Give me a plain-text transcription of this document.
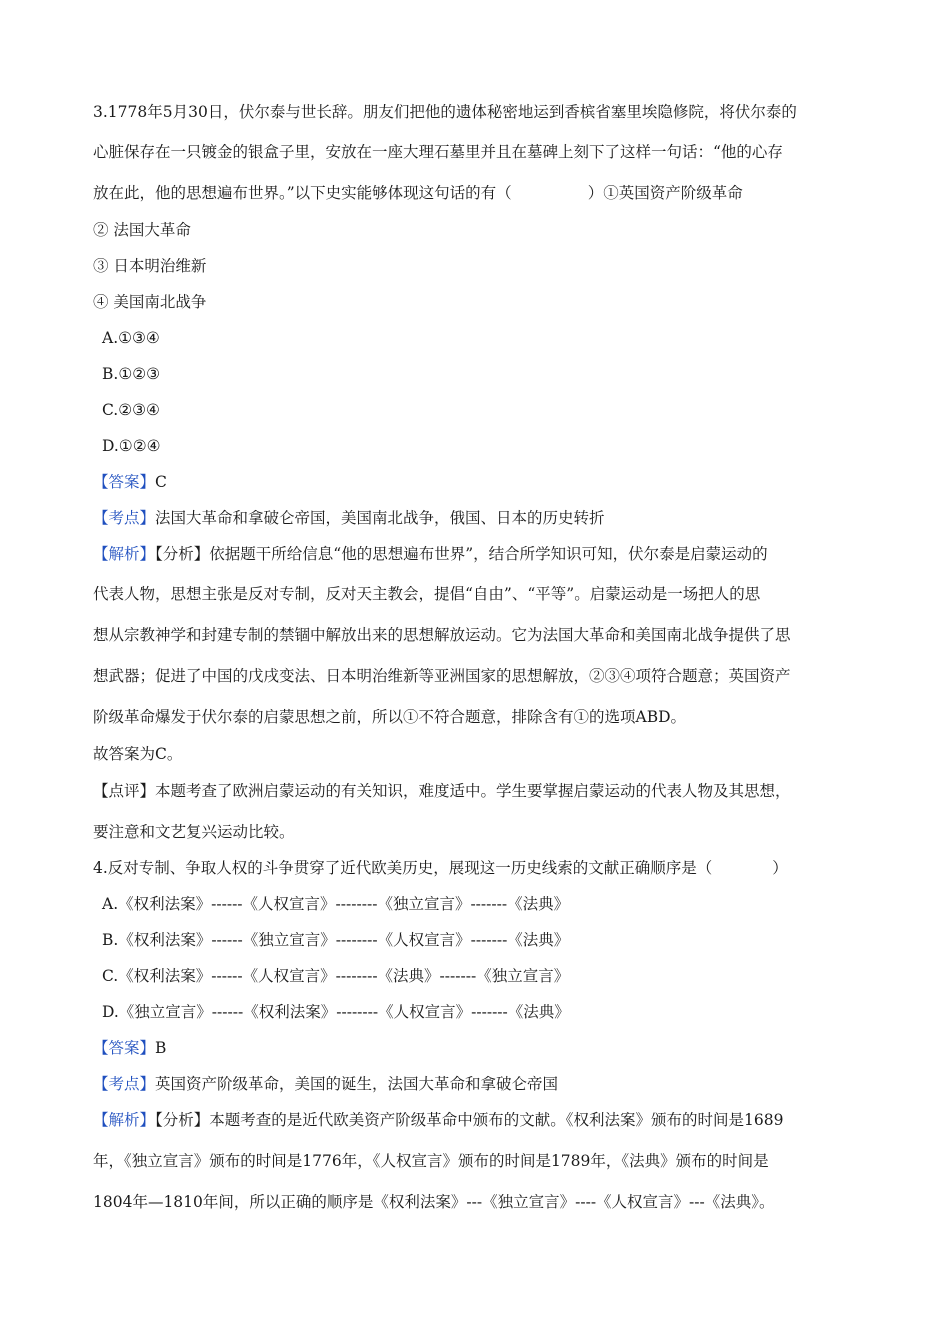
3.1778年5月30日，伏尔泰与世长辞。朋友们把他的遗体秘密地运到香槟省塞里埃隐修院，将伏尔泰的
心脏保存在一只镀金的银盒子里，安放在一座大理石墓里并且在墓碑上刻下了这样一句话：“他的心存
放在此，他的思想遍布世界。”以下史实能够体现这句话的有（	）①英国资产阶级革命
② 法国大革命
③ 日本明治维新
④ 美国南北战争
A.①③④
B.①②③
C.②③④
D.①②④
【答案】C
【考点】法国大革命和拿破仑帝国，美国南北战争，俄国、日本的历史转折
【解析】【分析】依据题干所给信息“他的思想遍布世界”，结合所学知识可知，伏尔泰是启蒙运动的
代表人物，思想主张是反对专制，反对天主教会，提倡“自由”、“平等”。启蒙运动是一场把人的思
想从宗教神学和封建专制的禁锢中解放出来的思想解放运动。它为法国大革命和美国南北战争提供了思
想武器；促进了中国的戊戌变法、日本明治维新等亚洲国家的思想解放，②③④项符合题意；英国资产
阶级革命爆发于伏尔泰的启蒙思想之前，所以①不符合题意，排除含有①的选项ABD。
故答案为C。
【点评】本题考查了欧洲启蒙运动的有关知识，难度适中。学生要掌握启蒙运动的代表人物及其思想，
要注意和文艺复兴运动比较。
4.反对专制、争取人权的斗争贯穿了近代欧美历史，展现这一历史线索的文献正确顺序是（	）
A.《权利法案》------《人权宣言》--------《独立宣言》-------《法典》
B.《权利法案》------《独立宣言》--------《人权宣言》-------《法典》
C.《权利法案》------《人权宣言》--------《法典》-------《独立宣言》
D.《独立宣言》------《权利法案》--------《人权宣言》-------《法典》
【答案】B
【考点】英国资产阶级革命，美国的诞生，法国大革命和拿破仑帝国
【解析】【分析】本题考查的是近代欧美资产阶级革命中颁布的文献。《权利法案》颁布的时间是1689
年，《独立宣言》颁布的时间是1776年，《人权宣言》颁布的时间是1789年，《法典》颁布的时间是
1804年—1810年间，所以正确的顺序是《权利法案》---《独立宣言》----《人权宣言》---《法典》。
